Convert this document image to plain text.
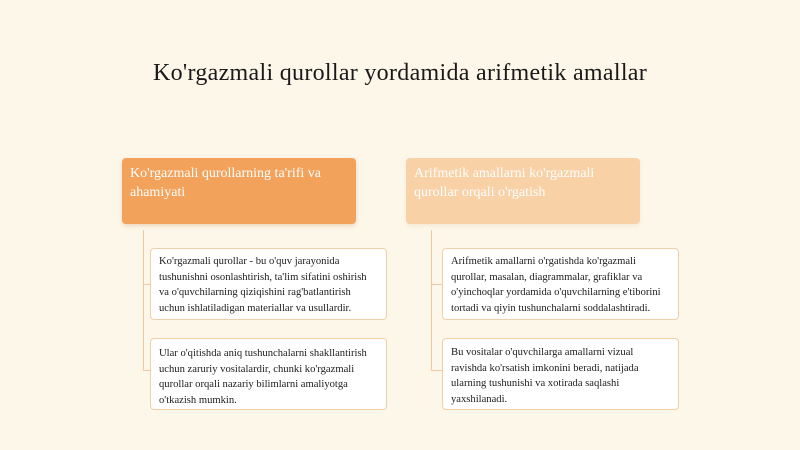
Ko'rgazmali qurollar yordamida arifmetik amallar
Ko'rgazmali qurollarning ta'rifi va ahamiyati
Arifmetik amallarni ko'rgazmali qurollar orqali o'rgatish
Ko'rgazmali qurollar - bu o'quv jarayonida tushunishni osonlashtirish, ta'lim sifatini oshirish va o'quvchilarning qiziqishini rag'batlantirish uchun ishlatiladigan materiallar va usullardir.
Ular o'qitishda aniq tushunchalarni shakllantirish uchun zaruriy vositalardir, chunki ko'rgazmali qurollar orqali nazariy bilimlarni amaliyotga o'tkazish mumkin.
Arifmetik amallarni o'rgatishda ko'rgazmali qurollar, masalan, diagrammalar, grafiklar va o'yinchoqlar yordamida o'quvchilarning e'tiborini tortadi va qiyin tushunchalarni soddalashtiradi.
Bu vositalar o'quvchilarga amallarni vizual ravishda ko'rsatish imkonini beradi, natijada ularning tushunishi va xotirada saqlashi yaxshilanadi.
